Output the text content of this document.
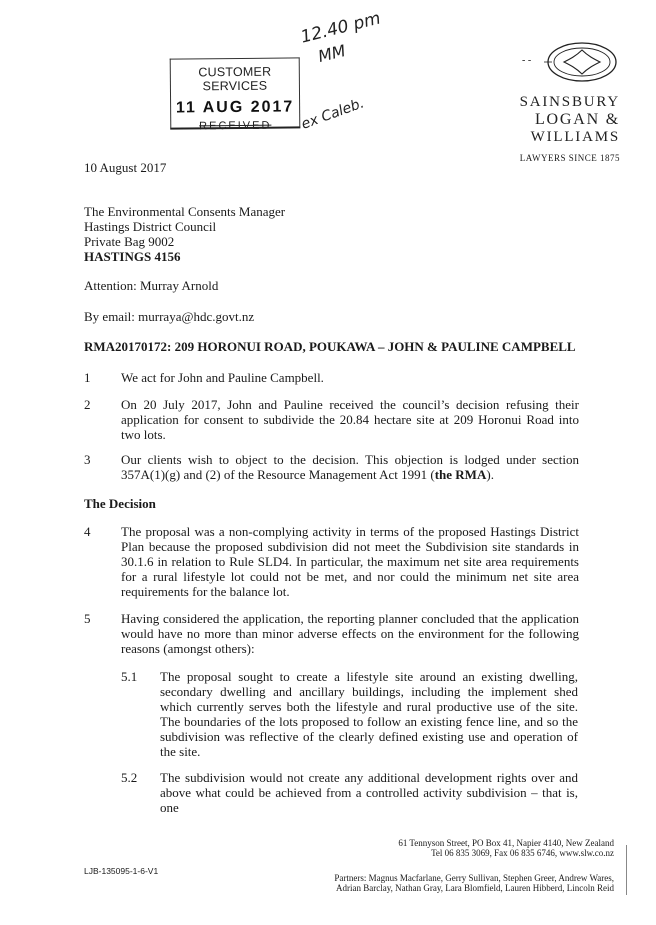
CUSTOMER SERVICES
11 AUG 2017
RECEIVED
12.40 pm
MM
ex Caleb.
- -
SAINSBURY
LOGAN &
WILLIAMS
LAWYERS SINCE 1875
10 August 2017
The Environmental Consents Manager
Hastings District Council
Private Bag 9002
HASTINGS 4156
Attention: Murray Arnold
By email: murraya@hdc.govt.nz
RMA20170172: 209 HORONUI ROAD, POUKAWA – JOHN & PAULINE CAMPBELL
1 We act for John and Pauline Campbell.
2 On 20 July 2017, John and Pauline received the council’s decision refusing their application for consent to subdivide the 20.84 hectare site at 209 Horonui Road into two lots.
3 Our clients wish to object to the decision. This objection is lodged under section 357A(1)(g) and (2) of the Resource Management Act 1991 (the RMA).
The Decision
4 The proposal was a non-complying activity in terms of the proposed Hastings District Plan because the proposed subdivision did not meet the Subdivision site standards in 30.1.6 in relation to Rule SLD4. In particular, the maximum net site area requirements for a rural lifestyle lot could not be met, and nor could the minimum net site area requirements for the balance lot.
5 Having considered the application, the reporting planner concluded that the application would have no more than minor adverse effects on the environment for the following reasons (amongst others):
5.1 The proposal sought to create a lifestyle site around an existing dwelling, secondary dwelling and ancillary buildings, including the implement shed which currently serves both the lifestyle and rural productive use of the site. The boundaries of the lots proposed to follow an existing fence line, and so the subdivision was reflective of the clearly defined existing use and operation of the site.
5.2 The subdivision would not create any additional development rights over and above what could be achieved from a controlled activity subdivision – that is, one
61 Tennyson Street, PO Box 41, Napier 4140, New Zealand
Tel 06 835 3069, Fax 06 835 6746, www.slw.co.nz
Partners: Magnus Macfarlane, Gerry Sullivan, Stephen Greer, Andrew Wares,
Adrian Barclay, Nathan Gray, Lara Blomfield, Lauren Hibberd, Lincoln Reid
LJB-135095-1-6-V1
